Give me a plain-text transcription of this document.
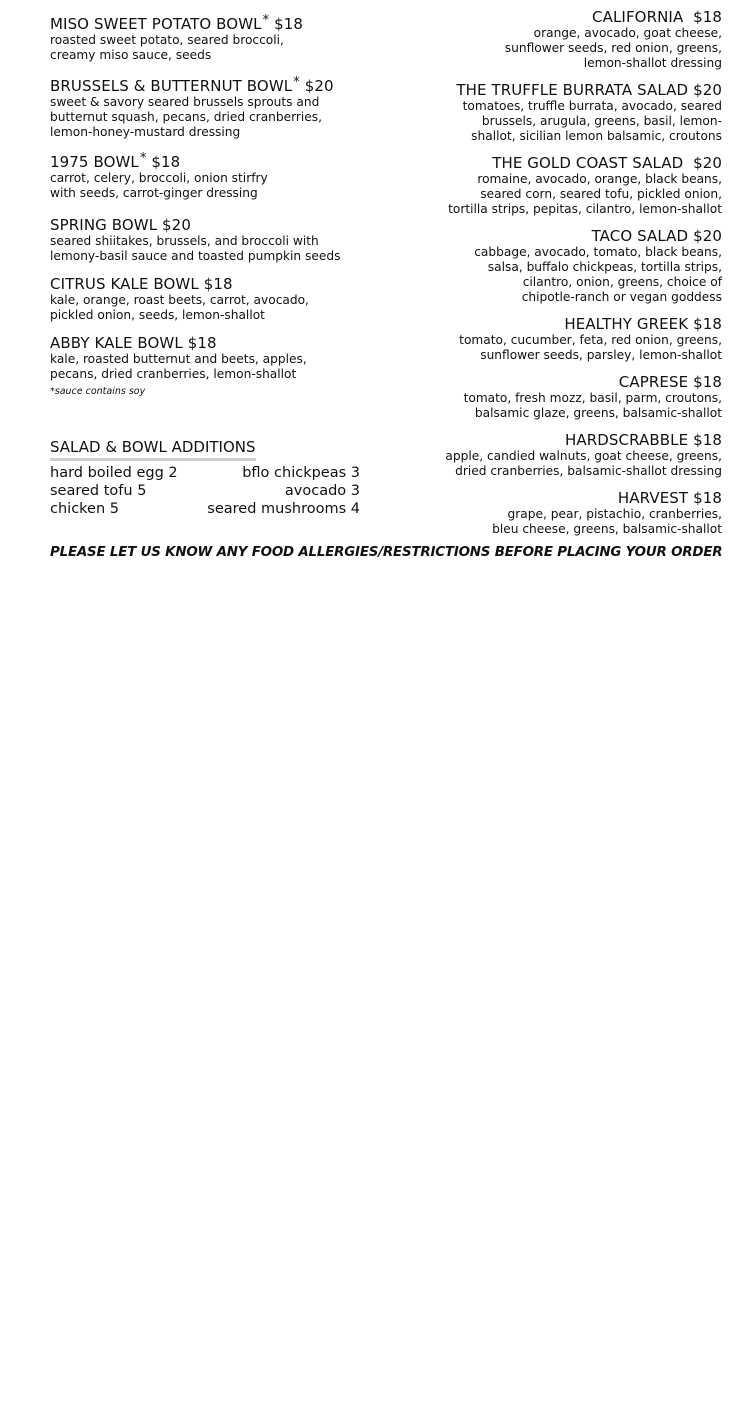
MISO SWEET POTATO BOWL* $18
roasted sweet potato, seared broccoli,
creamy miso sauce, seeds
BRUSSELS & BUTTERNUT BOWL* $20
sweet & savory seared brussels sprouts and
butternut squash, pecans, dried cranberries,
lemon-honey-mustard dressing
1975 BOWL* $18
carrot, celery, broccoli, onion stirfry
with seeds, carrot-ginger dressing
SPRING BOWL $20
seared shiitakes, brussels, and broccoli with
lemony-basil sauce and toasted pumpkin seeds
CITRUS KALE BOWL $18
kale, orange, roast beets, carrot, avocado,
pickled onion, seeds, lemon-shallot
ABBY KALE BOWL $18
kale, roasted butternut and beets, apples,
pecans, dried cranberries, lemon-shallot
*sauce contains soy
SALAD & BOWL ADDITIONS
hard boiled egg 2	bflo chickpeas 3
seared tofu 5	avocado 3
chicken 5	seared mushrooms 4
CALIFORNIA $18
orange, avocado, goat cheese,
sunflower seeds, red onion, greens,
lemon-shallot dressing
THE TRUFFLE BURRATA SALAD $20
tomatoes, truffle burrata, avocado, seared
brussels, arugula, greens, basil, lemon-
shallot, sicilian lemon balsamic, croutons
THE GOLD COAST SALAD $20
romaine, avocado, orange, black beans,
seared corn, seared tofu, pickled onion,
tortilla strips, pepitas, cilantro, lemon-shallot
TACO SALAD $20
cabbage, avocado, tomato, black beans,
salsa, buffalo chickpeas, tortilla strips,
cilantro, onion, greens, choice of
chipotle-ranch or vegan goddess
HEALTHY GREEK $18
tomato, cucumber, feta, red onion, greens,
sunflower seeds, parsley, lemon-shallot
CAPRESE $18
tomato, fresh mozz, basil, parm, croutons,
balsamic glaze, greens, balsamic-shallot
HARDSCRABBLE $18
apple, candied walnuts, goat cheese, greens,
dried cranberries, balsamic-shallot dressing
HARVEST $18
grape, pear, pistachio, cranberries,
bleu cheese, greens, balsamic-shallot
PLEASE LET US KNOW ANY FOOD ALLERGIES/RESTRICTIONS BEFORE PLACING YOUR ORDER
